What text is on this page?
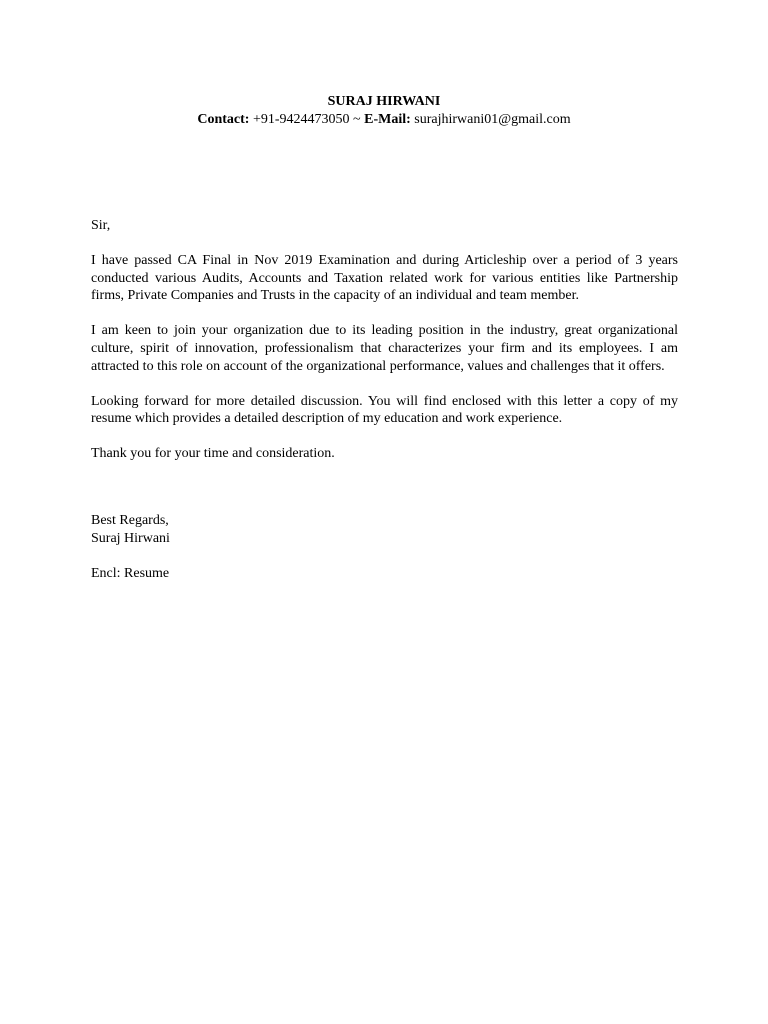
SURAJ HIRWANI
Contact: +91-9424473050 ~ E-Mail: surajhirwani01@gmail.com

Sir,

I have passed CA Final in Nov 2019 Examination and during Articleship over a period of 3 years conducted various Audits, Accounts and Taxation related work for various entities like Partnership firms, Private Companies and Trusts in the capacity of an individual and team member.

I am keen to join your organization due to its leading position in the industry, great organizational culture, spirit of innovation, professionalism that characterizes your firm and its employees. I am attracted to this role on account of the organizational performance, values and challenges that it offers.

Looking forward for more detailed discussion. You will find enclosed with this letter a copy of my resume which provides a detailed description of my education and work experience.

Thank you for your time and consideration.

Best Regards,
Suraj Hirwani

Encl: Resume
